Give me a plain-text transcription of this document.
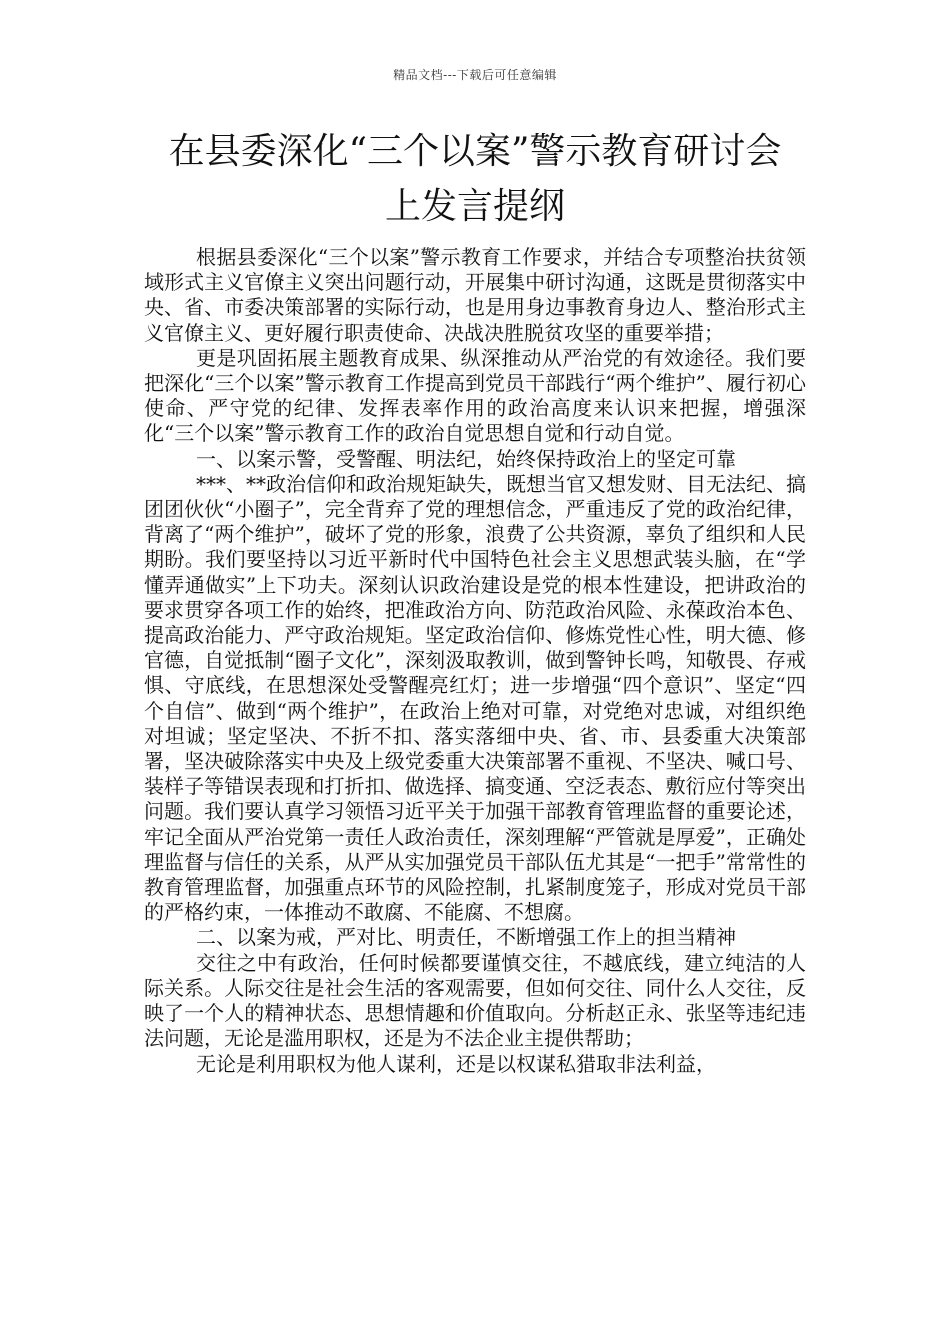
精品文档---下载后可任意编辑
在县委深化“三个以案”警示教育研讨会
上发言提纲

根据县委深化“三个以案”警示教育工作要求，并结合专项整治扶贫领域形式主义官僚主义突出问题行动，开展集中研讨沟通，这既是贯彻落实中央、省、市委决策部署的实际行动，也是用身边事教育身边人、整治形式主义官僚主义、更好履行职责使命、决战决胜脱贫攻坚的重要举措；

更是巩固拓展主题教育成果、纵深推动从严治党的有效途径。我们要把深化“三个以案”警示教育工作提高到党员干部践行“两个维护”、履行初心使命、严守党的纪律、发挥表率作用的政治高度来认识来把握，增强深化“三个以案”警示教育工作的政治自觉思想自觉和行动自觉。

一、以案示警，受警醒、明法纪，始终保持政治上的坚定可靠

***、**政治信仰和政治规矩缺失，既想当官又想发财、目无法纪、搞团团伙伙“小圈子”，完全背弃了党的理想信念，严重违反了党的政治纪律，背离了“两个维护”，破坏了党的形象，浪费了公共资源，辜负了组织和人民期盼。我们要坚持以习近平新时代中国特色社会主义思想武装头脑，在“学懂弄通做实”上下功夫。深刻认识政治建设是党的根本性建设，把讲政治的要求贯穿各项工作的始终，把准政治方向、防范政治风险、永葆政治本色、提高政治能力、严守政治规矩。坚定政治信仰、修炼党性心性，明大德、修官德，自觉抵制“圈子文化”，深刻汲取教训，做到警钟长鸣，知敬畏、存戒惧、守底线，在思想深处受警醒亮红灯；进一步增强“四个意识”、坚定“四个自信”、做到“两个维护”，在政治上绝对可靠，对党绝对忠诚，对组织绝对坦诚；坚定坚决、不折不扣、落实落细中央、省、市、县委重大决策部署，坚决破除落实中央及上级党委重大决策部署不重视、不坚决、喊口号、装样子等错误表现和打折扣、做选择、搞变通、空泛表态、敷衍应付等突出问题。我们要认真学习领悟习近平关于加强干部教育管理监督的重要论述，牢记全面从严治党第一责任人政治责任，深刻理解“严管就是厚爱”，正确处理监督与信任的关系，从严从实加强党员干部队伍尤其是“一把手”常常性的教育管理监督，加强重点环节的风险控制，扎紧制度笼子，形成对党员干部的严格约束，一体推动不敢腐、不能腐、不想腐。

二、以案为戒，严对比、明责任，不断增强工作上的担当精神

交往之中有政治，任何时候都要谨慎交往，不越底线，建立纯洁的人际关系。人际交往是社会生活的客观需要，但如何交往、同什么人交往，反映了一个人的精神状态、思想情趣和价值取向。分析赵正永、张坚等违纪违法问题，无论是滥用职权，还是为不法企业主提供帮助；

无论是利用职权为他人谋利，还是以权谋私猎取非法利益，
